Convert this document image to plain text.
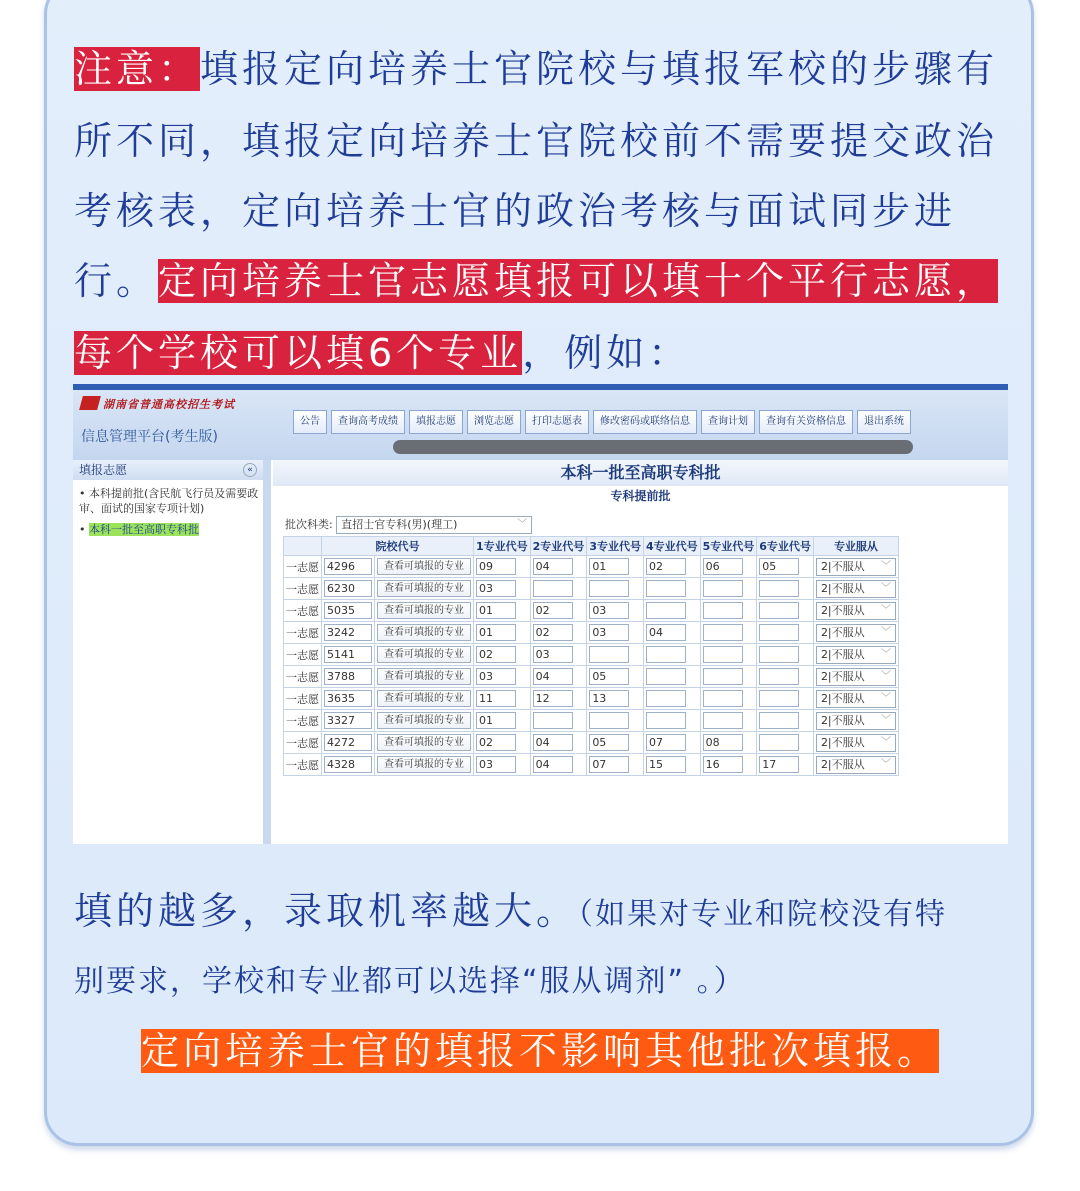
注意：填报定向培养士官院校与填报军校的步骤有
所不同，填报定向培养士官院校前不需要提交政治
考核表，定向培养士官的政治考核与面试同步进
行。定向培养士官志愿填报可以填十个平行志愿，
每个学校可以填6个专业，例如：
湖南省普通高校招生考试
信息管理平台(考生版)
公告	查询高考成绩	填报志愿	浏览志愿	打印志愿表	修改密码或联络信息	查询计划	查询有关资格信息	退出系统
填报志愿	«
• 本科提前批(含民航飞行员及需要政审、面试的国家专项计划)
• 本科一批至高职专科批
本科一批至高职专科批
专科提前批
批次科类: 直招士官专科(男)(理工)	﹀
	院校代号		1专业代号	2专业代号	3专业代号	4专业代号	5专业代号	6专业代号	专业服从
一志愿	4296	查看可填报的专业	09	04	01	02	06	05	2|不服从 ﹀

一志愿	6230	查看可填报的专业	03						2|不服从 ﹀

一志愿	5035	查看可填报的专业	01	02	03				2|不服从 ﹀

一志愿	3242	查看可填报的专业	01	02	03	04			2|不服从 ﹀

一志愿	5141	查看可填报的专业	02	03					2|不服从 ﹀

一志愿	3788	查看可填报的专业	03	04	05				2|不服从 ﹀

一志愿	3635	查看可填报的专业	11	12	13				2|不服从 ﹀

一志愿	3327	查看可填报的专业	01						2|不服从 ﹀

一志愿	4272	查看可填报的专业	02	04	05	07	08		2|不服从 ﹀

一志愿	4328	查看可填报的专业	03	04	07	15	16	17	2|不服从 ﹀
填的越多，录取机率越大。（如果对专业和院校没有特
别要求，学校和专业都可以选择“服从调剂” 。）
定向培养士官的填报不影响其他批次填报。
